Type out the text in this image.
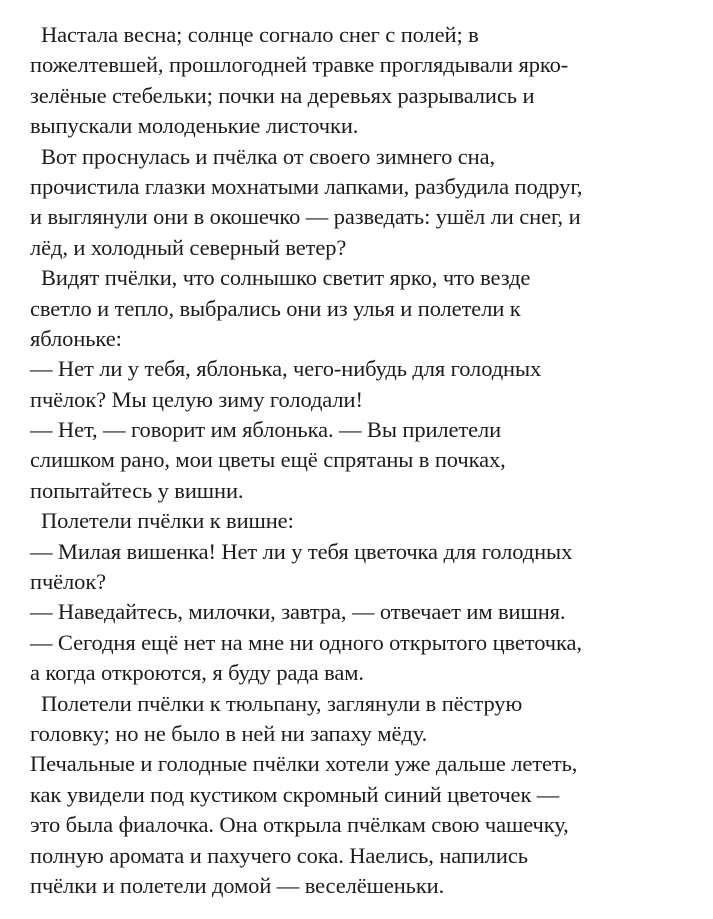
Настала весна; солнце согнало снег с полей; в
пожелтевшей, прошлогодней травке проглядывали ярко-
зелёные стебельки; почки на деревьях разрывались и
выпускали молоденькие листочки.
Вот проснулась и пчёлка от своего зимнего сна,
прочистила глазки мохнатыми лапками, разбудила подруг,
и выглянули они в окошечко — разведать: ушёл ли снег, и
лёд, и холодный северный ветер?
Видят пчёлки, что солнышко светит ярко, что везде
светло и тепло, выбрались они из улья и полетели к
яблоньке:
— Нет ли у тебя, яблонька, чего-нибудь для голодных
пчёлок? Мы целую зиму голодали!
— Нет, — говорит им яблонька. — Вы прилетели
слишком рано, мои цветы ещё спрятаны в почках,
попытайтесь у вишни.
Полетели пчёлки к вишне:
— Милая вишенка! Нет ли у тебя цветочка для голодных
пчёлок?
— Наведайтесь, милочки, завтра, — отвечает им вишня.
— Сегодня ещё нет на мне ни одного открытого цветочка,
а когда откроются, я буду рада вам.
Полетели пчёлки к тюльпану, заглянули в пёструю
головку; но не было в ней ни запаху мёду.
Печальные и голодные пчёлки хотели уже дальше лететь,
как увидели под кустиком скромный синий цветочек —
это была фиалочка. Она открыла пчёлкам свою чашечку,
полную аромата и пахучего сока. Наелись, напились
пчёлки и полетели домой — веселёшеньки.
